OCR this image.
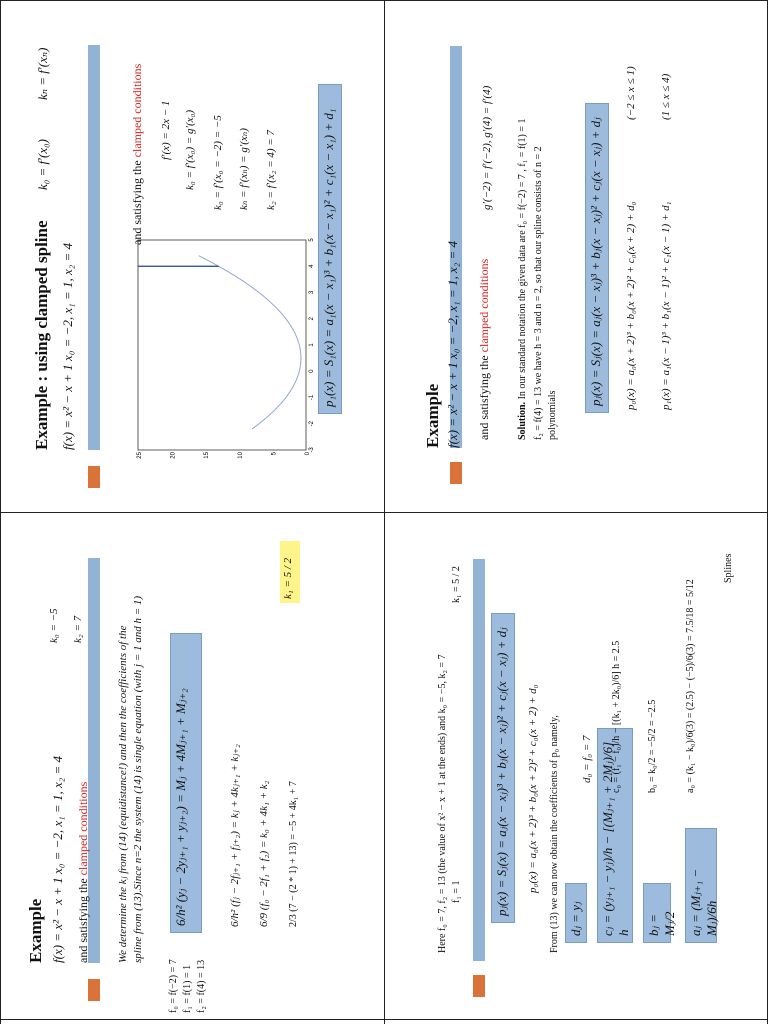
Example : using clamped spline f(x) = x² − x + 1 x₀ = −2, x₁ = 1, x₂ = 4
k₀ = f′(x₀)
kₙ = f′(xₙ)
25	20	15	10	5	0
-3
-2
-1
0
1
2
3
4
5
and satisfying the clamped conditions f′(x) = 2x − 1 k₀ = f′(x₀) = g′(x₀) k₀ = f′(x₀ = −2) = −5 kₙ = f′(xₙ) = g′(xₙ) k₂ = f′(x₂ = 4) = 7	p₁(x) = S₁(x) = a₁(x − x₁)³ + b₁(x − x₁)² + c₁(x − x₁) + d₁
Example f(x) = x² − x + 1 x₀ = −2, x₁ = 1, x₂ = 4
g′(−2) = f′(−2), g′(4) = f′(4)
and satisfying the clamped conditions
Solution. In our standard notation the given data are f₀ = f(−2) = 7 , f₁ = f(1) = 1 f₂ = f(4) = 13 we have h = 3 and n = 2, so that our spline consists of n = 2 polynomials
pⱼ(x) = Sⱼ(x) = aⱼ(x − xⱼ)³ + bⱼ(x − xⱼ)² + cⱼ(x − xⱼ) + dⱼ	p₀(x) = a₀(x + 2)³ + b₀(x + 2)² + c₀(x + 2) + d₀
(−2 ≤ x ≤ 1)
p₁(x) = a₁(x − 1)³ + b₁(x − 1)² + c₁(x − 1) + d₁
(1 ≤ x ≤ 4)
Example f(x) = x² − x + 1 x₀ = −2, x₁ = 1, x₂ = 4 and satisfying the clamped conditions We determine the kⱼ from (14) (equidistance!) and then the coefficients of the spline from (13).Since n=2 the system (14) is single equation (with j = 1 and h = 1)
f₀ = f(−2) = 7 f₁ = f(1) = 1 f₂ = f(4) = 13
k₀ = −5 k₂ = 7
6/h² (yⱼ − 2yⱼ₊₁ + yⱼ₊₂) = Mⱼ + 4Mⱼ₊₁ + Mⱼ₊₂	6/h² (fⱼ − 2fⱼ₊₁ + fⱼ₊₂) = kⱼ + 4kⱼ₊₁ + kⱼ₊₂ 6/9 (f₀ − 2f₁ + f₂) = k₀ + 4k₁ + k₂ 2/3 (7 − (2 * 1) + 13) = −5 + 4k₁ + 7
k₁ = 5 / 2
Here f₀ = 7, f₂ = 13 (the value of x² − x + 1 at the ends) and k₀ = −5, k₂ = 7 f₁ = 1
k₁ = 5 / 2
pⱼ(x) = Sⱼ(x) = aⱼ(x − xⱼ)³ + bⱼ(x − xⱼ)² + cⱼ(x − xⱼ) + dⱼ	p₀(x) = a₀(x + 2)³ + b₀(x + 2)² + c₀(x + 2) + d₀ From (13) we can now obtain the coefficients of p₀ namely, dⱼ = yⱼ	cⱼ = (yⱼ₊₁ − yⱼ)/h − [(Mⱼ₊₁ + 2Mⱼ)/6] h bⱼ = Mⱼ/2 aⱼ = (Mⱼ₊₁ − Mⱼ)/6h
d₀ = f₀ = 7 c₀ = (f₁ − f₀)/h − [(k₁ + 2k₀)/6] h = 2.5	b₀ = k₀/2 = −5/2 = −2.5	a₀ = (k₁ − k₀)/6(3) = (2.5) − (−5)/6(3) = 7.5/18 = 5/12
Splines
